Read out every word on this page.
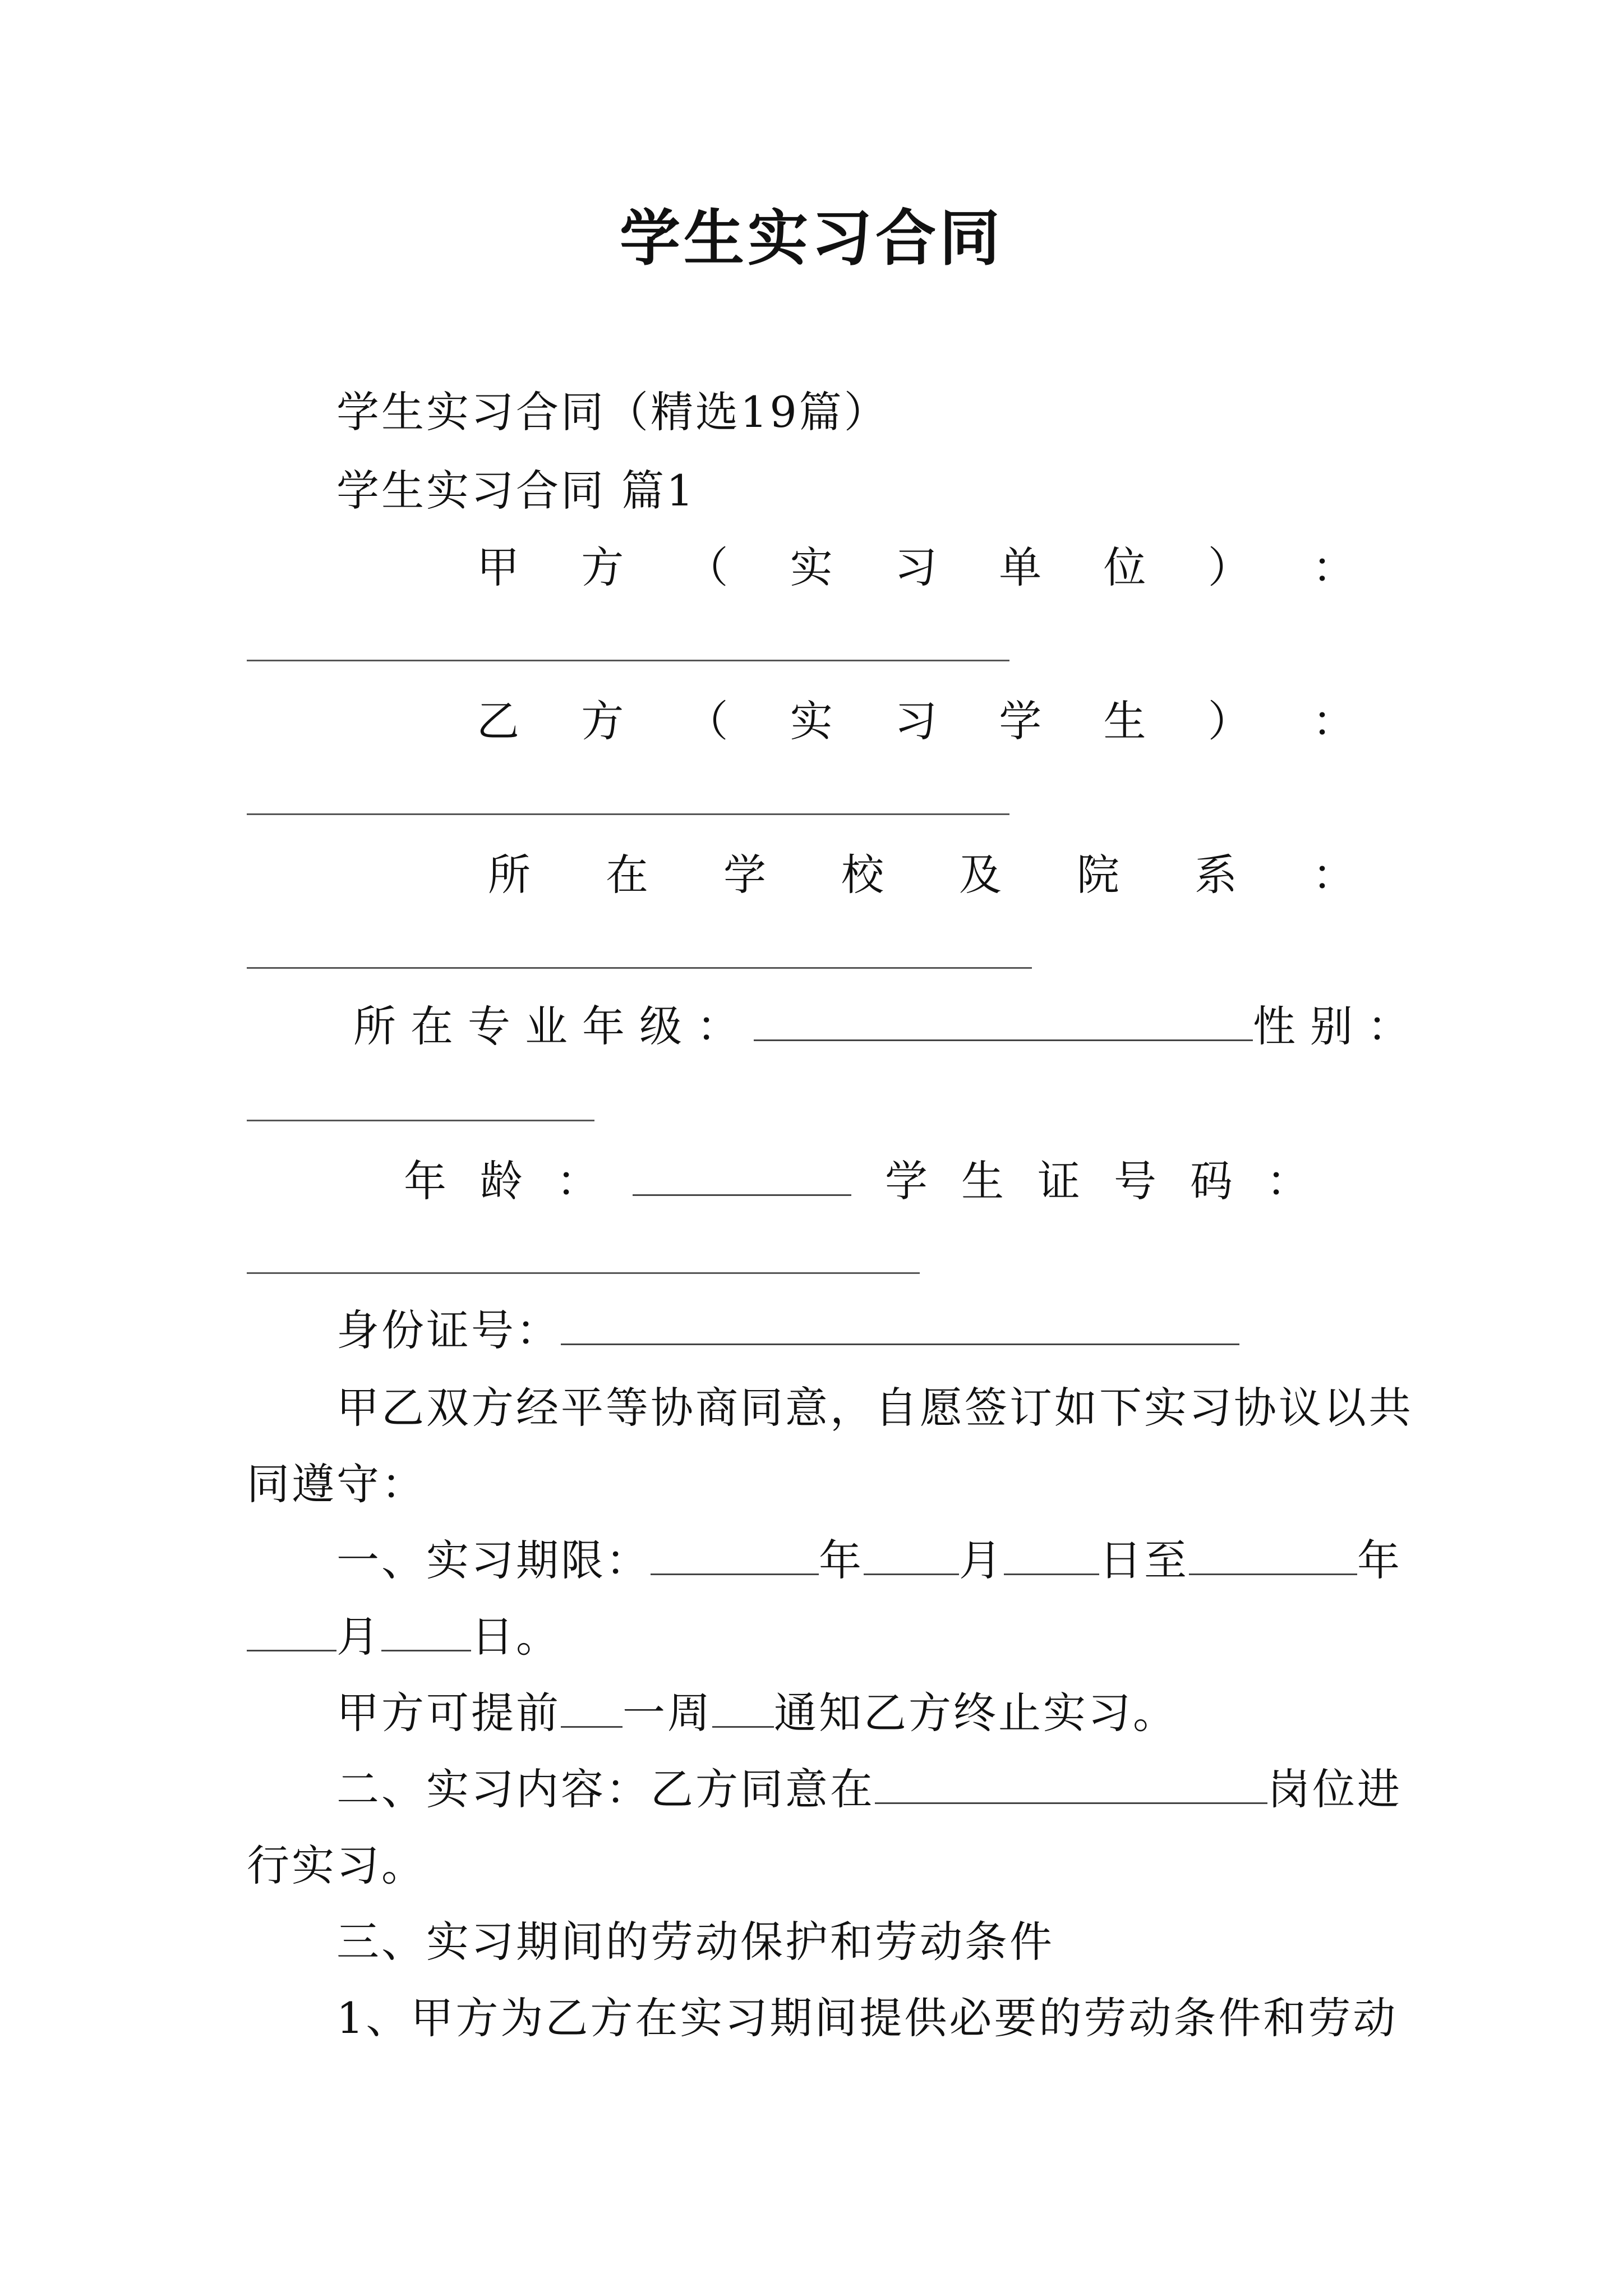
学生实习合同
学生实习合同（精选19篇）
学生实习合同 篇1
甲 方 （ 实 习 单 位 ） ：
乙 方 （ 实 习 学 生 ） ：
所 在 学 校 及 院 系 ：
所在专业年级：	性别：
年龄：	学生证号码：
身份证号：
甲乙双方经平等协商同意，自愿签订如下实习协议以共
同遵守：
一、实习期限：	年 月 日至	年
月 日。
甲方可提前 一周 通知乙方终止实习。
二、实习内容：乙方同意在	岗位进
行实习。
三、实习期间的劳动保护和劳动条件
1、甲方为乙方在实习期间提供必要的劳动条件和劳动
